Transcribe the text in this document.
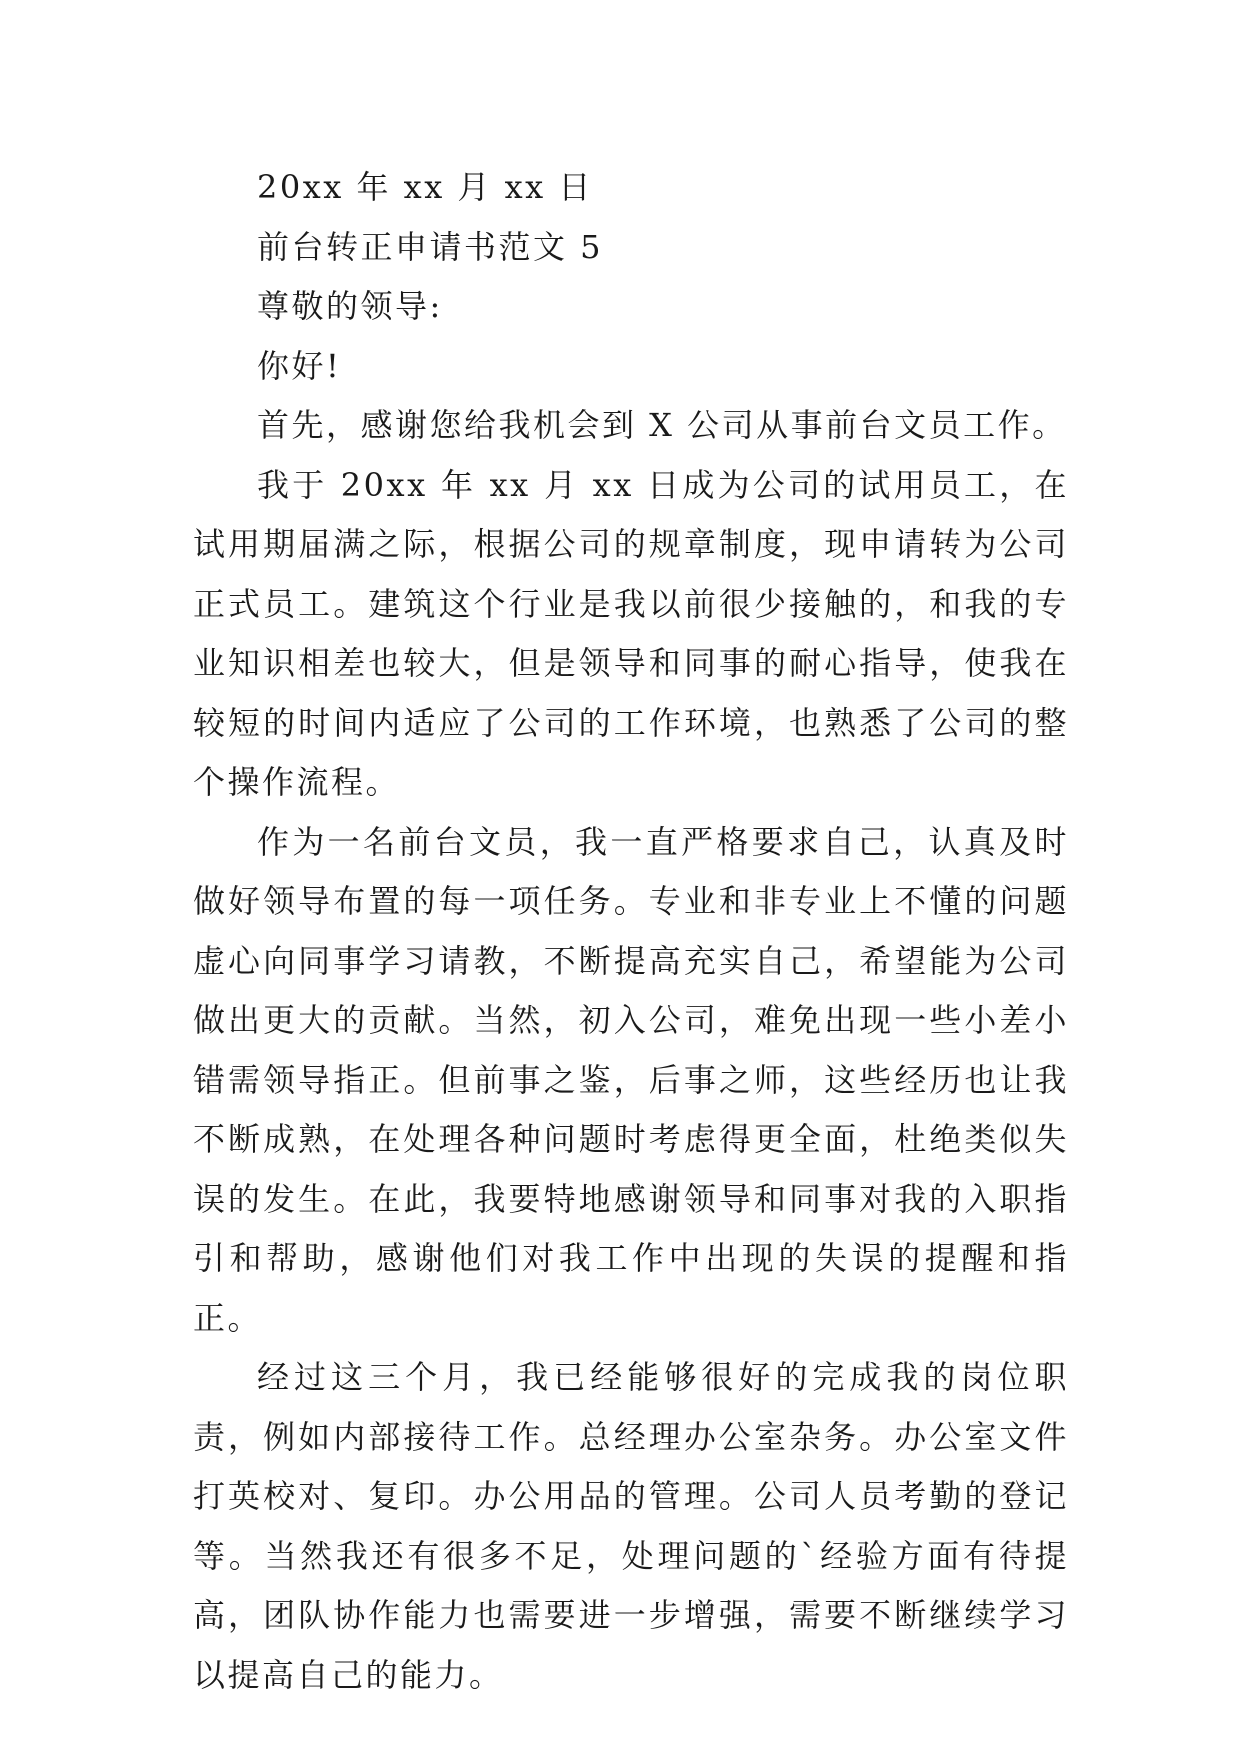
20xx 年 xx 月 xx 日

前台转正申请书范文 5

尊敬的领导:

你好!

首先，感谢您给我机会到 X 公司从事前台文员工作。

我于 20xx 年 xx 月 xx 日成为公司的试用员工，在试用期届满之际，根据公司的规章制度，现申请转为公司正式员工。建筑这个行业是我以前很少接触的，和我的专业知识相差也较大，但是领导和同事的耐心指导，使我在较短的时间内适应了公司的工作环境，也熟悉了公司的整个操作流程。

作为一名前台文员，我一直严格要求自己，认真及时做好领导布置的每一项任务。专业和非专业上不懂的问题虚心向同事学习请教，不断提高充实自己，希望能为公司做出更大的贡献。当然，初入公司，难免出现一些小差小错需领导指正。但前事之鉴，后事之师，这些经历也让我不断成熟，在处理各种问题时考虑得更全面，杜绝类似失误的发生。在此，我要特地感谢领导和同事对我的入职指引和帮助，感谢他们对我工作中出现的失误的提醒和指正。

经过这三个月，我已经能够很好的完成我的岗位职责，例如内部接待工作。总经理办公室杂务。办公室文件打英校对、复印。办公用品的管理。公司人员考勤的登记等。当然我还有很多不足，处理问题的`经验方面有待提高，团队协作能力也需要进一步增强，需要不断继续学习以提高自己的能力。
